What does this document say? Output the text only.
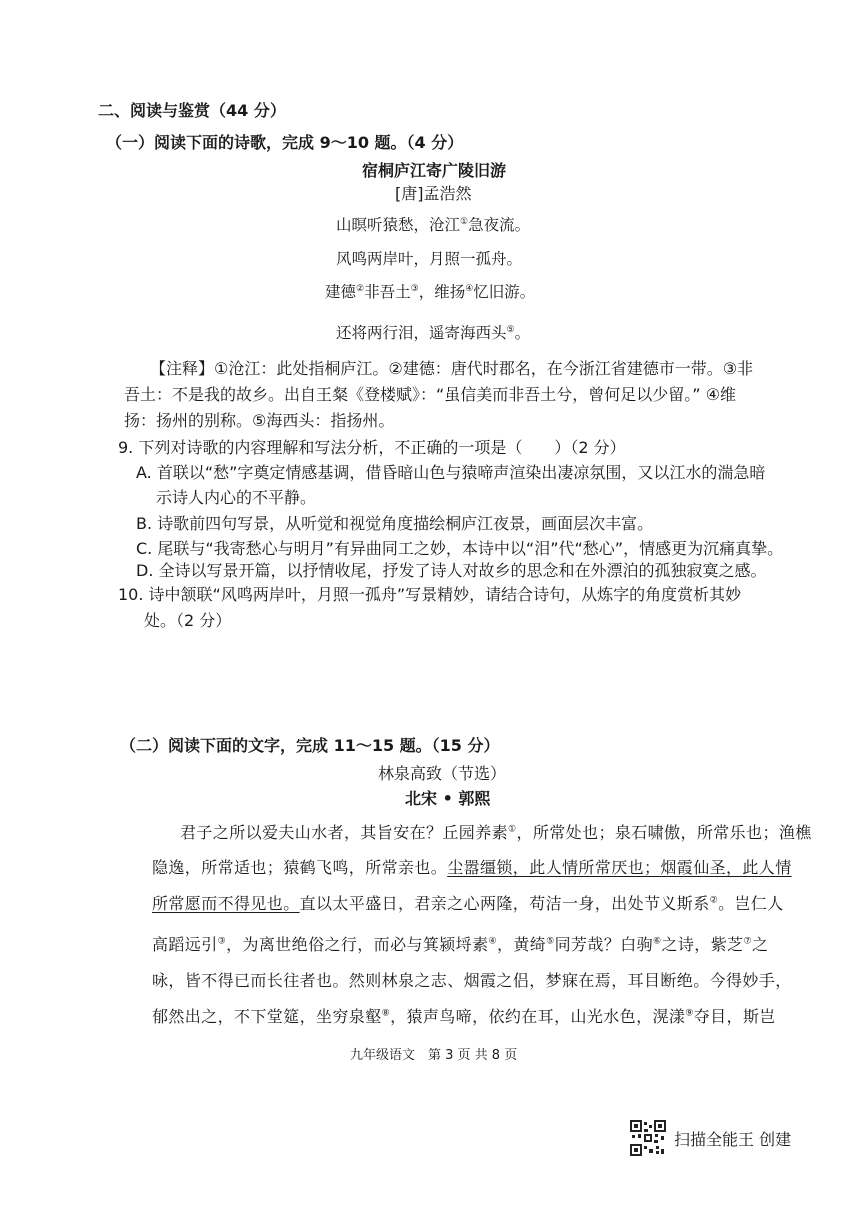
二、阅读与鉴赏（44 分）
（一）阅读下面的诗歌，完成 9～10 题。（4 分）
宿桐庐江寄广陵旧游
[唐]孟浩然
山暝听猿愁，沧江①急夜流。
风鸣两岸叶，月照一孤舟。
建德②非吾土③，维扬④忆旧游。
还将两行泪，遥寄海西头⑤。
【注释】①沧江：此处指桐庐江。②建德：唐代时郡名，在今浙江省建德市一带。③非
吾土：不是我的故乡。出自王粲《登楼赋》：“虽信美而非吾土兮，曾何足以少留。” ④维
扬：扬州的别称。⑤海西头：指扬州。
9. 下列对诗歌的内容理解和写法分析，不正确的一项是（　　）（2 分）
A. 首联以“愁”字奠定情感基调，借昏暗山色与猿啼声渲染出凄凉氛围，又以江水的湍急暗
示诗人内心的不平静。
B. 诗歌前四句写景，从听觉和视觉角度描绘桐庐江夜景，画面层次丰富。
C. 尾联与“我寄愁心与明月”有异曲同工之妙，本诗中以“泪”代“愁心”，情感更为沉痛真挚。
D. 全诗以写景开篇，以抒情收尾，抒发了诗人对故乡的思念和在外漂泊的孤独寂寞之感。
10. 诗中颔联“风鸣两岸叶，月照一孤舟”写景精妙，请结合诗句，从炼字的角度赏析其妙
处。（2 分）
（二）阅读下面的文字，完成 11～15 题。（15 分）
林泉高致（节选）
北宋 • 郭熙
君子之所以爱夫山水者，其旨安在？丘园养素①，所常处也；泉石啸傲，所常乐也；渔樵
隐逸，所常适也；猿鹤飞鸣，所常亲也。尘嚣缰锁，此人情所常厌也；烟霞仙圣，此人情
所常愿而不得见也。直以太平盛日，君亲之心两隆，苟洁一身，出处节义斯系②。岂仁人
高蹈远引③，为离世绝俗之行，而必与箕颍埒素④，黄绮⑤同芳哉？白驹⑥之诗，紫芝⑦之
咏，皆不得已而长往者也。然则林泉之志、烟霞之侣，梦寐在焉，耳目断绝。今得妙手，
郁然出之，不下堂筵，坐穷泉壑⑧，猿声鸟啼，依约在耳，山光水色，滉漾⑨夺目，斯岂
九年级语文　第 3 页 共 8 页
扫描全能王 创建
